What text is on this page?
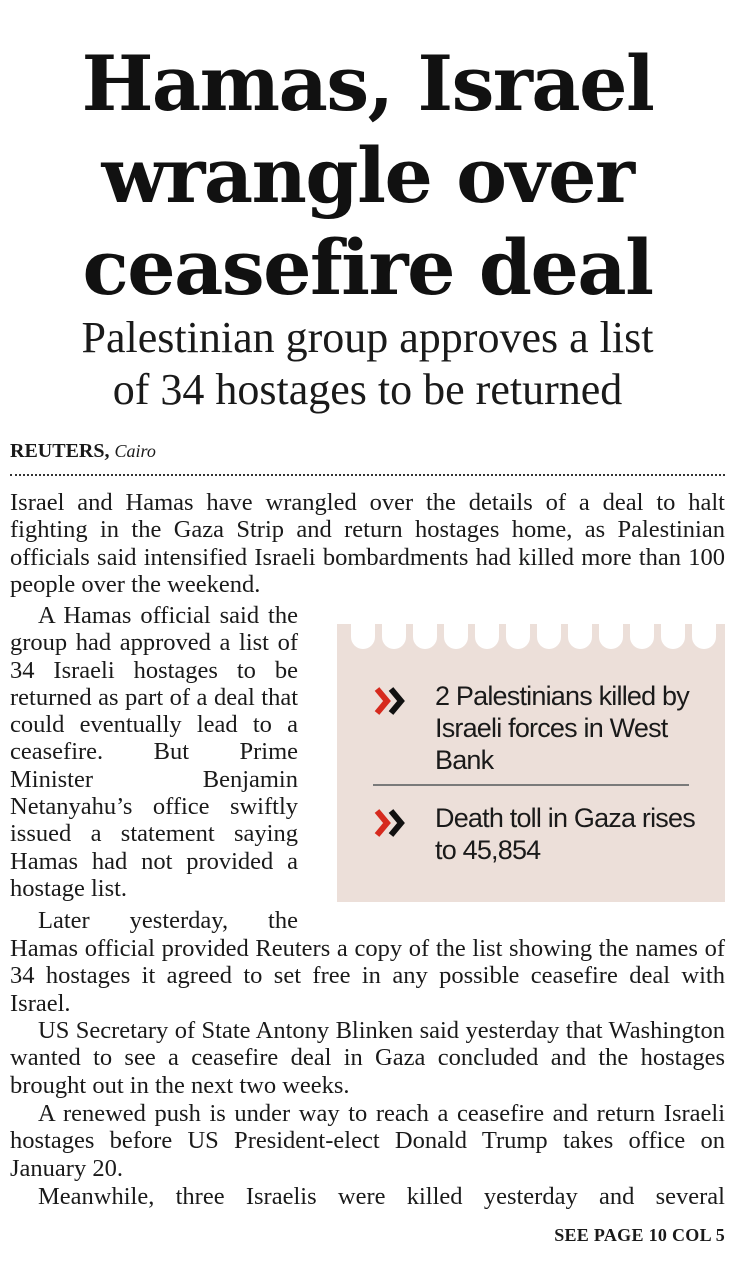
Hamas, Israel
wrangle over
ceasefire deal
Palestinian group approves a list
of 34 hostages to be returned
REUTERS, Cairo

Israel and Hamas have wrangled over the details of a deal to halt fighting in the Gaza Strip and return hostages home, as Palestinian officials said intensified Israeli bombardments had killed more than 100 people over the weekend.

A Hamas official said the group had approved a list of 34 Israeli hostages to be returned as part of a deal that could eventually lead to a ceasefire. But Prime Minister Benjamin Netanyahu’s office swiftly issued a statement saying Hamas had not provided a hostage list.

Later yesterday, the

Hamas official provided Reuters a copy of the list showing the names of 34 hostages it agreed to set free in any possible ceasefire deal with Israel.

US Secretary of State Antony Blinken said yesterday that Washington wanted to see a ceasefire deal in Gaza concluded and the hostages brought out in the next two weeks.

A renewed push is under way to reach a ceasefire and return Israeli hostages before US President-elect Donald Trump takes office on January 20.

Meanwhile, three Israelis were killed yesterday and several

2 Palestinians killed by Israeli forces in West Bank
Death toll in Gaza rises to 45,854
SEE PAGE 10 COL 5
